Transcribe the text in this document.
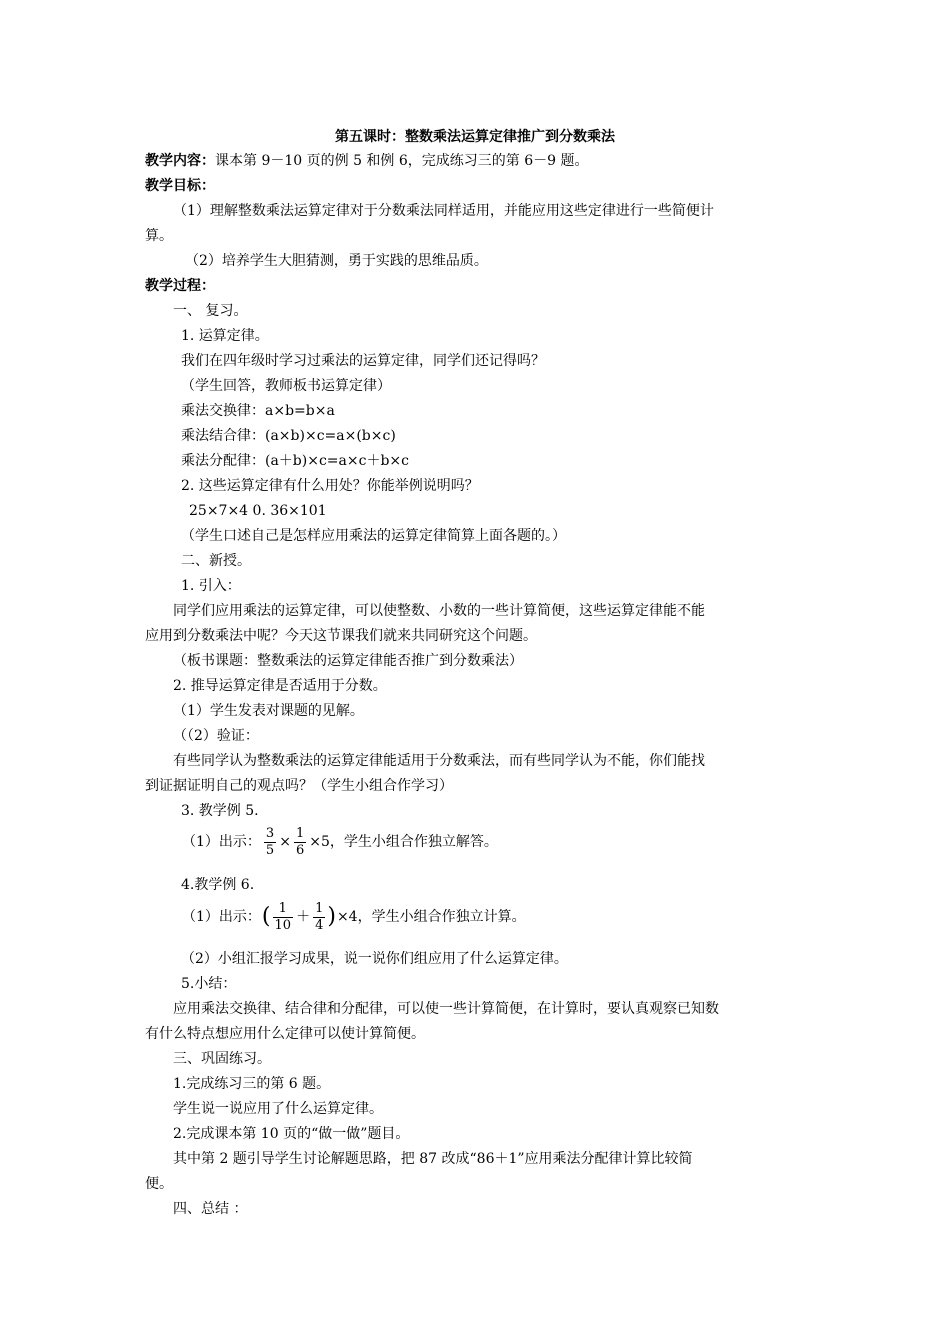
第五课时：整数乘法运算定律推广到分数乘法
教学内容：课本第 9－10 页的例 5 和例 6，完成练习三的第 6－9 题。
教学目标：
（1）理解整数乘法运算定律对于分数乘法同样适用，并能应用这些定律进行一些简便计
算。
（2）培养学生大胆猜测，勇于实践的思维品质。
教学过程：
一、 复习。
1. 运算定律。
我们在四年级时学习过乘法的运算定律，同学们还记得吗？
（学生回答，教师板书运算定律）
乘法交换律：a×b=b×a
乘法结合律：(a×b)×c=a×(b×c)
乘法分配律：(a＋b)×c=a×c＋b×c
2. 这些运算定律有什么用处？你能举例说明吗？
25×7×4 0. 36×101
（学生口述自己是怎样应用乘法的运算定律简算上面各题的。）
二、新授。
1. 引入：
同学们应用乘法的运算定律，可以使整数、小数的一些计算简便，这些运算定律能不能
应用到分数乘法中呢？今天这节课我们就来共同研究这个问题。
（板书课题：整数乘法的运算定律能否推广到分数乘法）
2. 推导运算定律是否适用于分数。
（1）学生发表对课题的见解。
（（2）验证：
有些同学认为整数乘法的运算定律能适用于分数乘法，而有些同学认为不能，你们能找
到证据证明自己的观点吗？（学生小组合作学习）
3. 教学例 5.
（1）出示： $\frac{3}{5} \times \frac{1}{6} \times 5$，学生小组合作独立解答。
4.教学例 6.
（1）出示：( $\frac{1}{10} + \frac{1}{4} )\times 4$，学生小组合作独立计算。
（2）小组汇报学习成果，说一说你们组应用了什么运算定律。
5.小结：
应用乘法交换律、结合律和分配律，可以使一些计算简便，在计算时，要认真观察已知数
有什么特点想应用什么定律可以使计算简便。
三、巩固练习。
1.完成练习三的第 6 题。
学生说一说应用了什么运算定律。
2.完成课本第 10 页的“做一做”题目。
其中第 2 题引导学生讨论解题思路，把 87 改成“86＋1”应用乘法分配律计算比较简
便。
四、总结 ：
